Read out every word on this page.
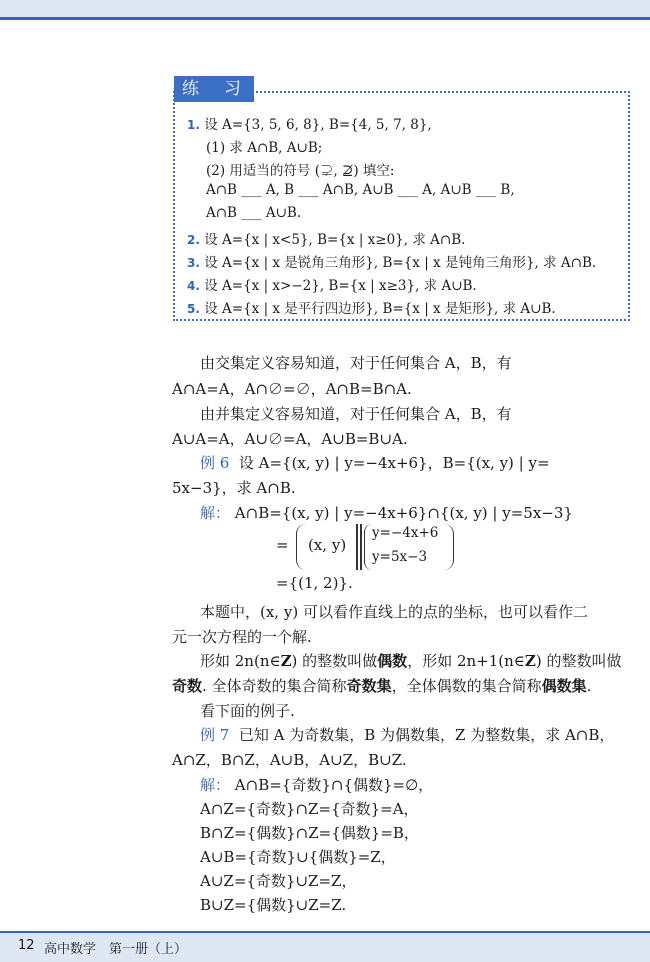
练 习
1. 设 A={3, 5, 6, 8}, B={4, 5, 7, 8},
(1) 求 A∩B, A∪B;
(2) 用适当的符号 (⊋, ⊉) 填空:
A∩B ___ A, B ___ A∩B, A∪B ___ A, A∪B ___ B,
A∩B ___ A∪B.
2. 设 A={x | x<5}, B={x | x≥0}, 求 A∩B.
3. 设 A={x | x 是锐角三角形}, B={x | x 是钝角三角形}, 求 A∩B.
4. 设 A={x | x>−2}, B={x | x≥3}, 求 A∪B.
5. 设 A={x | x 是平行四边形}, B={x | x 是矩形}, 求 A∪B.
由交集定义容易知道，对于任何集合 A，B，有
A∩A=A，A∩∅=∅，A∩B=B∩A.
由并集定义容易知道，对于任何集合 A，B，有
A∪A=A，A∪∅=A，A∪B=B∪A.
例 6 设 A={(x, y) | y=−4x+6}，B={(x, y) | y=
5x−3}，求 A∩B.
解： A∩B={(x, y) | y=−4x+6}∩{(x, y) | y=5x−3}
= (x, y)
y=−4x+6
y=5x−3
={(1, 2)}.
本题中，(x, y) 可以看作直线上的点的坐标，也可以看作二
元一次方程的一个解.
形如 2n(n∈Z) 的整数叫做偶数，形如 2n+1(n∈Z) 的整数叫做
奇数. 全体奇数的集合简称奇数集，全体偶数的集合简称偶数集.
看下面的例子.
例 7 已知 A 为奇数集，B 为偶数集，Z 为整数集，求 A∩B，
A∩Z，B∩Z，A∪B，A∪Z，B∪Z.
解： A∩B={奇数}∩{偶数}=∅，
A∩Z={奇数}∩Z={奇数}=A，
B∩Z={偶数}∩Z={偶数}=B，
A∪B={奇数}∪{偶数}=Z，
A∪Z={奇数}∪Z=Z，
B∪Z={偶数}∪Z=Z.
12 高中数学　第一册（上）
